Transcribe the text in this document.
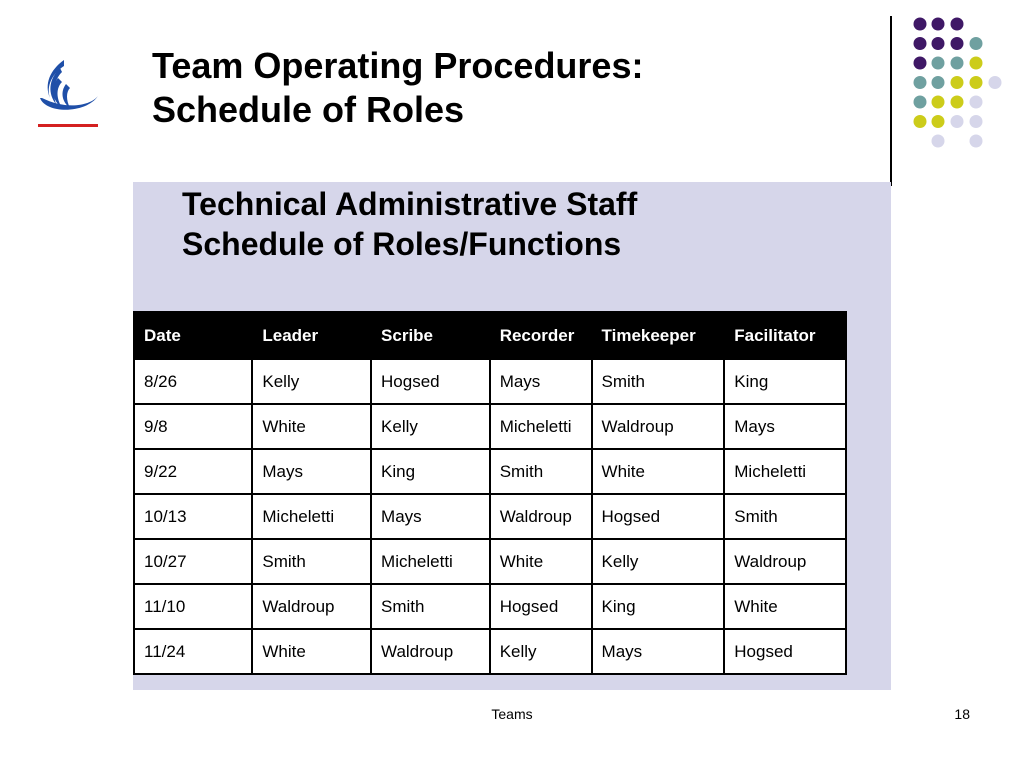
Team Operating Procedures:
Schedule of Roles
Technical Administrative Staff
Schedule of Roles/Functions
Date	Leader	Scribe	Recorder	Timekeeper	Facilitator
8/26	Kelly	Hogsed	Mays	Smith	King
9/8	White	Kelly	Micheletti	Waldroup	Mays
9/22	Mays	King	Smith	White	Micheletti
10/13	Micheletti	Mays	Waldroup	Hogsed	Smith
10/27	Smith	Micheletti	White	Kelly	Waldroup
11/10	Waldroup	Smith	Hogsed	King	White
11/24	White	Waldroup	Kelly	Mays	Hogsed
Teams	18
